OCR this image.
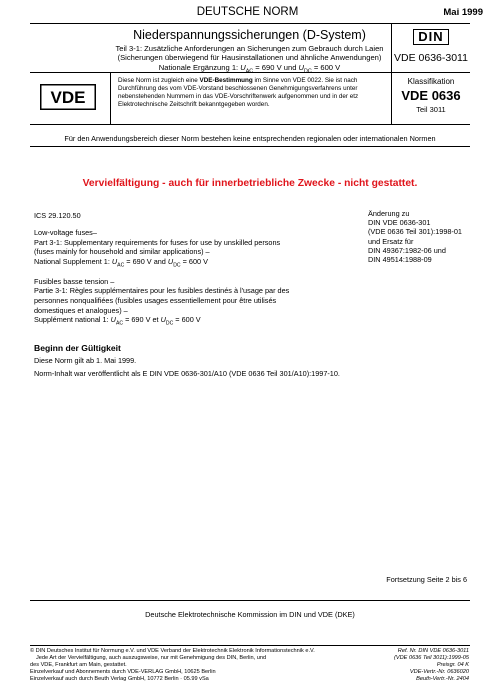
DEUTSCHE NORM	Mai 1999
Niederspannungssicherungen (D-System)
Teil 3-1: Zusätzliche Anforderungen an Sicherungen zum Gebrauch durch Laien
(Sicherungen überwiegend für Hausinstallationen und ähnliche Anwendungen)
Nationale Ergänzung 1: $U_{AC} = 690$ V und $U_{DC} = 600$ V
DIN
VDE 0636-3011
VDE
Diese Norm ist zugleich eine VDE-Bestimmung im Sinne von VDE 0022. Sie ist nach Durchführung des vom VDE-Vorstand beschlossenen Genehmigungsverfahrens unter nebenstehenden Nummern in das VDE-Vorschriftenwerk aufgenommen und in der etz Elektrotechnische Zeitschrift bekanntgegeben worden.
Klassifikation
VDE 0636
Teil 3011
Für den Anwendungsbereich dieser Norm bestehen keine entsprechenden regionalen oder internationalen Normen
Vervielfältigung - auch für innerbetriebliche Zwecke - nicht gestattet.
ICS 29.120.50

Low-voltage fuses–
Part 3-1: Supplementary requirements for fuses for use by unskilled persons
(fuses mainly for household and similar applications) –
National Supplement 1: $U_{AC} = 690$ V and $U_{DC} = 600$ V

Fusibles basse tension –
Partie 3-1: Règles supplémentaires pour les fusibles destinés à l'usage par des
personnes nonqualifiées (fusibles usages essentiellement pour être utilisés
domestiques et analogues) –
Supplément national 1: $U_{AC} = 690$ V et $U_{DC} = 600$ V

Änderung zu
DIN VDE 0636-301
(VDE 0636 Teil 301):1998-01
und Ersatz für
DIN 49367:1982-06 und
DIN 49514:1988-09
Beginn der Gültigkeit
Diese Norm gilt ab 1. Mai 1999.
Norm-Inhalt war veröffentlicht als E DIN VDE 0636-301/A10 (VDE 0636 Teil 301/A10):1997-10.
Fortsetzung Seite 2 bis 6
Deutsche Elektrotechnische Kommission im DIN und VDE (DKE)
© DIN Deutsches Institut für Normung e.V. und VDE Verband der Elektrotechnik Elektronik Informationstechnik e.V.
Jede Art der Vervielfältigung, auch auszugsweise, nur mit Genehmigung des DIN, Berlin, und
des VDE, Frankfurt am Main, gestattet.
Einzelverkauf und Abonnements durch VDE-VERLAG GmbH, 10625 Berlin
Einzelverkauf auch durch Beuth Verlag GmbH, 10772 Berlin · 05.99 vSa
Ref. Nr. DIN VDE 0636-3011
(VDE 0636 Teil 3011):1999-05
Preisgr. 04 K
VDE-Vertr.-Nr. 0636020
Beuth-Vertr.-Nr. 2404
